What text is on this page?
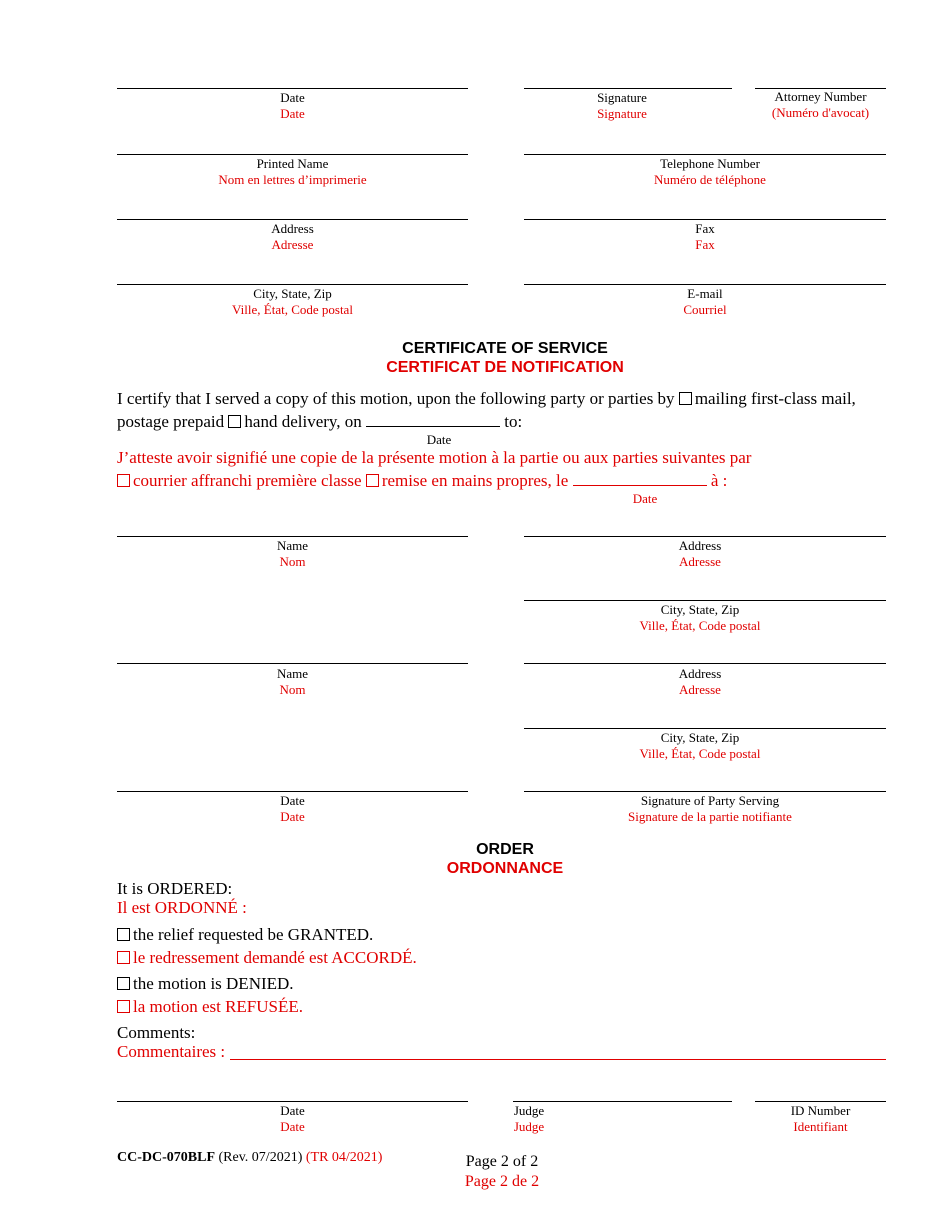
Date
Date
Signature
Signature
Attorney Number
(Numéro d'avocat)
Printed Name
Nom en lettres d’imprimerie
Telephone Number
Numéro de téléphone
Address
Adresse
Fax
Fax
City, State, Zip
Ville, État, Code postal
E-mail
Courriel
CERTIFICATE OF SERVICE
CERTIFICAT DE NOTIFICATION
I certify that I served a copy of this motion, upon the following party or parties by mailing first-class mail,
postage prepaid hand delivery, on	to:
Date
J’atteste avoir signifié une copie de la présente motion à la partie ou aux parties suivantes par
courrier affranchi première classe remise en mains propres, le	à :
Date
Name
Nom
Address
Adresse
City, State, Zip
Ville, État, Code postal
Name
Nom
Address
Adresse
City, State, Zip
Ville, État, Code postal
Date
Date
Signature of Party Serving
Signature de la partie notifiante
ORDER
ORDONNANCE
It is ORDERED:
Il est ORDONNÉ :
the relief requested be GRANTED.
le redressement demandé est ACCORDÉ.
the motion is DENIED.
la motion est REFUSÉE.
Comments:
Commentaires :
Date
Date
Judge
Judge
ID Number
Identifiant
CC-DC-070BLF (Rev. 07/2021) (TR 04/2021)	Page 2 of 2
Page 2 de 2
